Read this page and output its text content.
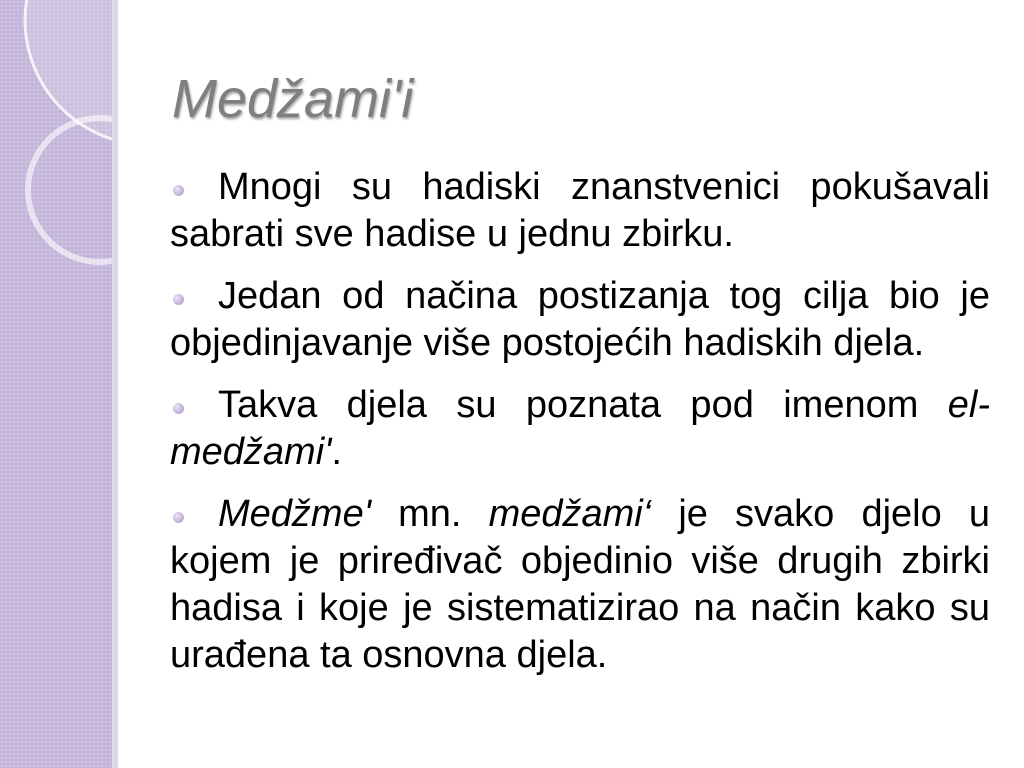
Medžami'i
Mnogi su hadiski znanstvenici pokušavali
sabrati sve hadise u jednu zbirku.
Jedan od načina postizanja tog cilja bio je
objedinjavanje više postojećih hadiskih djela.
Takva djela su poznata pod imenom el-
medžami'.
Medžme' mn. medžami‘ je svako djelo u
kojem je priređivač objedinio više drugih zbirki
hadisa i koje je sistematizirao na način kako su
urađena ta osnovna djela.
